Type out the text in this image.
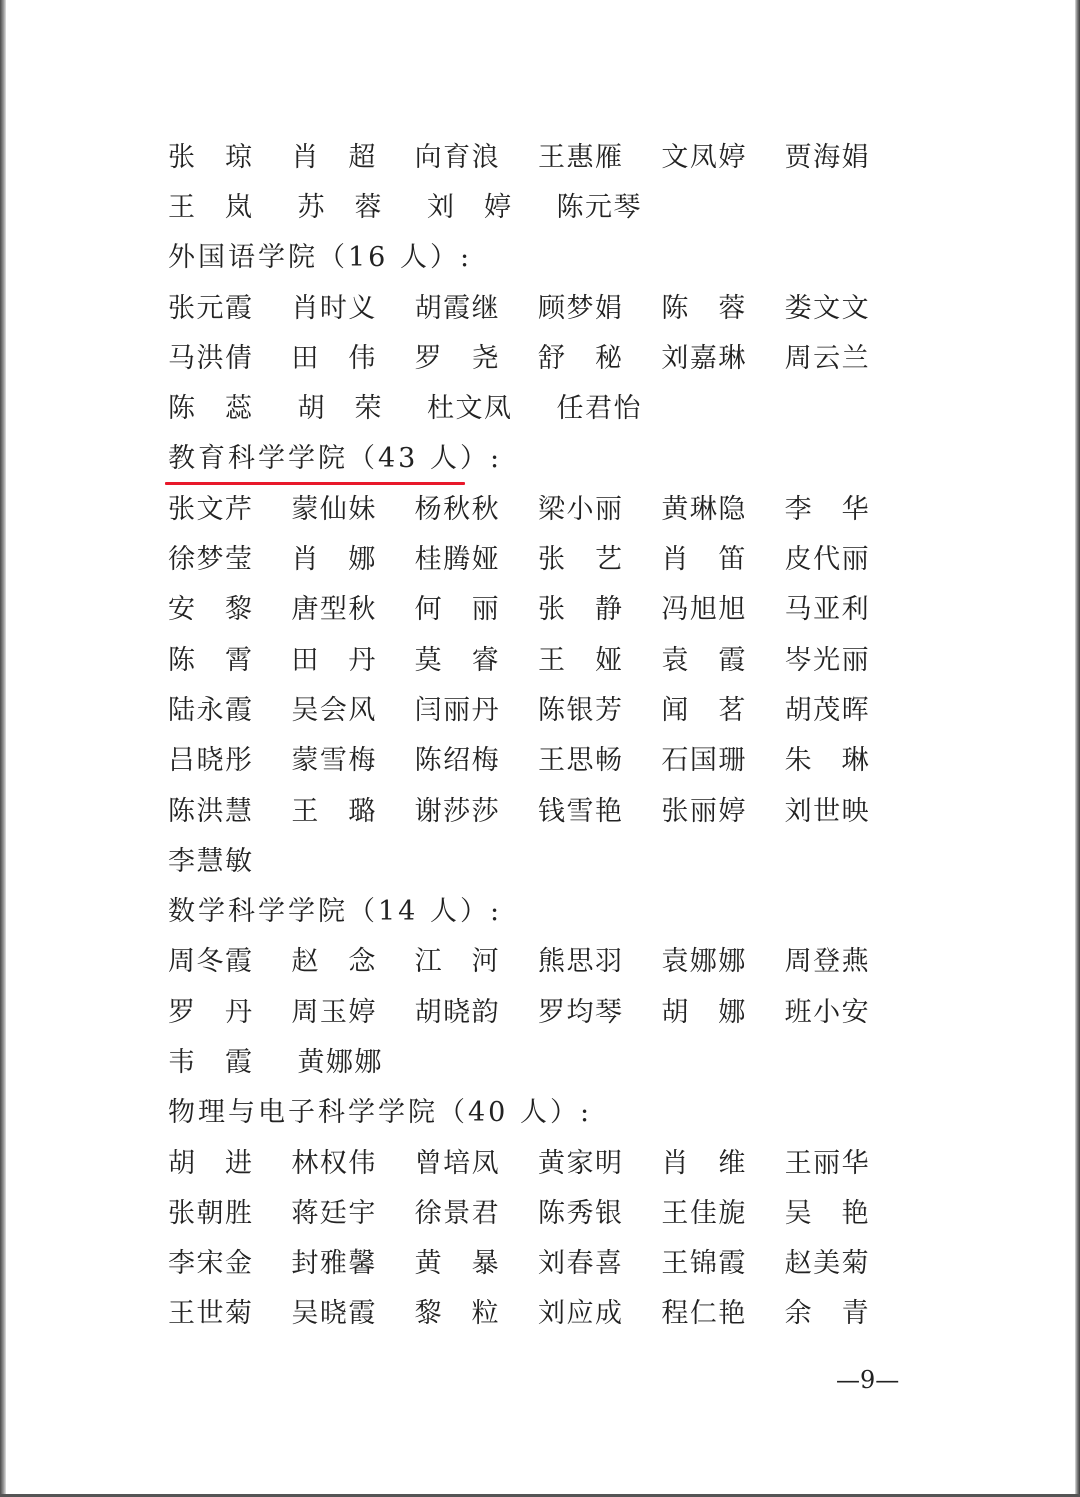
张 琼 肖 超 向 育 浪 王 惠 雁 文 凤 婷 贾 海 娟
王 岚 苏 蓉 刘 婷 陈 元 琴
外国语学院（16 人）:
张 元 霞 肖 时 义 胡 霞 继 顾 梦 娟 陈 蓉 娄 文 文
马 洪 倩 田 伟 罗 尧 舒 秘 刘 嘉 琳 周 云 兰
陈 蕊 胡 荣 杜 文 凤 任 君 怡
教育科学学院（43 人）:
张 文 芹 蒙 仙 妹 杨 秋 秋 梁 小 丽 黄 琳 隐 李 华
徐 梦 莹 肖 娜 桂 腾 娅 张 艺 肖 笛 皮 代 丽
安 黎 唐 型 秋 何 丽 张 静 冯 旭 旭 马 亚 利
陈 霄 田 丹 莫 睿 王 娅 袁 霞 岑 光 丽
陆 永 霞 吴 会 风 闫 丽 丹 陈 银 芳 闻 茗 胡 茂 晖
吕 晓 彤 蒙 雪 梅 陈 绍 梅 王 思 畅 石 国 珊 朱 琳
陈 洪 慧 王 璐 谢 莎 莎 钱 雪 艳 张 丽 婷 刘 世 映
李 慧 敏
数学科学学院（14 人）:
周 冬 霞 赵 念 江 河 熊 思 羽 袁 娜 娜 周 登 燕
罗 丹 周 玉 婷 胡 晓 韵 罗 均 琴 胡 娜 班 小 安
韦 霞 黄 娜 娜
物理与电子科学学院（40 人）:
胡 进 林 权 伟 曾 培 凤 黄 家 明 肖 维 王 丽 华
张 朝 胜 蒋 廷 宇 徐 景 君 陈 秀 银 王 佳 旎 吴 艳
李 宋 金 封 雅 馨 黄 暴 刘 春 喜 王 锦 霞 赵 美 菊
王 世 菊 吴 晓 霞 黎 粒 刘 应 成 程 仁 艳 余 青
—9—
